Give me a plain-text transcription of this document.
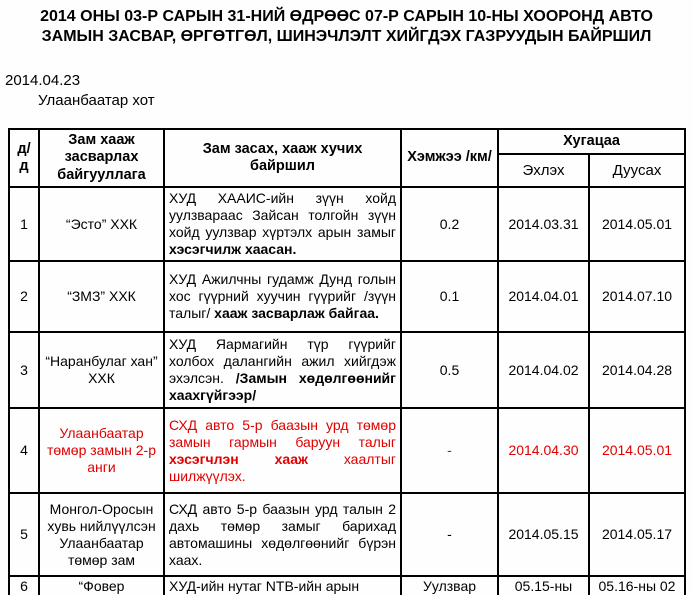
2014 ОНЫ 03-Р САРЫН 31-НИЙ ӨДРӨӨС 07-Р САРЫН 10-НЫ ХООРОНД АВТО ЗАМЫН ЗАСВАР, ӨРГӨТГӨЛ, ШИНЭЧЛЭЛТ ХИЙГДЭХ ГАЗРУУДЫН БАЙРШИЛ
2014.04.23
Улаанбаатар хот
д/д	Зам хааж засварлах байгууллага	Зам засах, хааж хучих байршил	Хэмжээ /км/	Хугацаа	
				Эхлэх	Дуусах
1	“Эсто” ХХК	ХУД ХААИС-ийн зүүн хойд уулзвараас Зайсан толгойн зүүн хойд уулзвар хүртэлх арын замыг хэсэгчилж хаасан.	0.2	2014.03.31	2014.05.01
2	“ЗМЗ” ХХК	ХУД Ажилчны гудамж Дунд голын хос гүүрний хуучин гүүрийг /зүүн талыг/ хааж засварлаж байгаа.	0.1	2014.04.01	2014.07.10
3	“Наранбулаг хан” ХХК	ХУД Яармагийн түр гүүрийг холбох далангийн ажил хийгдэж эхэлсэн. /Замын хөдөлгөөнийг хаахгүйгээр/	0.5	2014.04.02	2014.04.28
4	Улаанбаатар төмөр замын 2-р анги	СХД авто 5-р баазын урд төмөр замын гармын баруун талыг хэсэгчлэн хааж хаалтыг шилжүүлэх.	-	2014.04.30	2014.05.01
5	Монгол-Оросын хувь нийлүүлсэн Улаанбаатар төмөр зам	СХД авто 5-р баазын урд талын 2 дахь төмөр замыг барихад автомашины хөдөлгөөнийг бүрэн хаах.	-	2014.05.15	2014.05.17
6	“Фовер	ХУД-ийн нутаг NTB-ийн арын	Уулзвар	05.15-ны	05.16-ны 02
